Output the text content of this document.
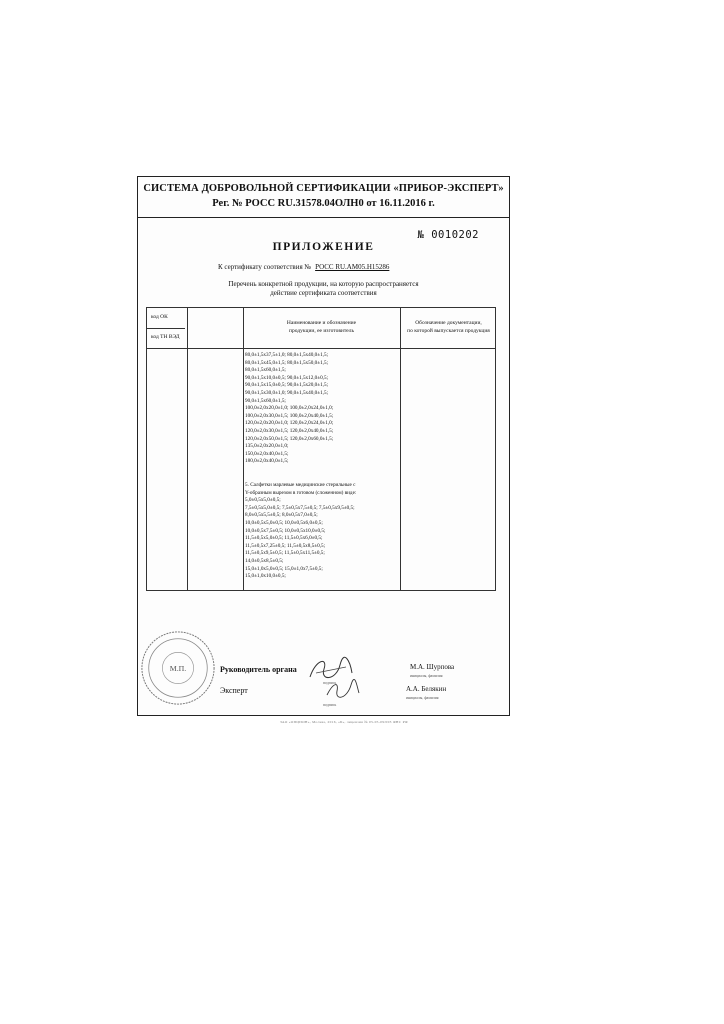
СИСТЕМА ДОБРОВОЛЬНОЙ СЕРТИФИКАЦИИ «ПРИБОР-ЭКСПЕРТ»
Рег. № РОСС RU.31578.04ОЛН0 от 16.11.2016 г.
№ 0010202
ПРИЛОЖЕНИЕ
К сертификату соответствия № РОСС RU.АМ05.Н15286
Перечень конкретной продукции, на которую распространяется
действие сертификата соответствия
код ОК
код ТН ВЭД
Наименование и обозначение
продукции, ее изготовитель
Обозначение документации,
по которой выпускается продукция
80,0±1,5х37,5±1,0; 80,0±1,5х40,0±1,5;
80,0±1,5х45,0±1,5; 80,0±1,5х50,0±1,5;
80,0±1,5х60,0±1,5;
90,0±1,5х10,0±0,5; 90,0±1,5х12,0±0,5;
90,0±1,5х15,0±0,5; 90,0±1,5х20,0±1,5;
90,0±1,5х30,0±1,0; 90,0±1,5х40,0±1,5;
90,0±1,5х60,0±1,5;
100,0±2,0х20,0±1,0; 100,0±2,0х24,0±1,0;
100,0±2,0х30,0±1,5; 100,0±2,0х40,0±1,5;
120,0±2,0х20,0±1,0; 120,0±2,0х24,0±1,0;
120,0±2,0х30,0±1,5; 120,0±2,0х40,0±1,5;
120,0±2,0х50,0±1,5; 120,0±2,0х60,0±1,5;
135,0±2,0х20,0±1,0;
150,0±2,0х40,0±1,5;
180,0±2,0х40,0±1,5;
5. Салфетки марлевые медицинские стерильные с
Y-образным вырезом в готовом (сложенном) виде:
5,0±0,5х5,0±0,5;
7,5±0,5х5,0±0,5; 7,5±0,5х7,5±0,5; 7,5±0,5х9,5±0,5;
8,0±0,5х5,5±0,5; 8,0±0,5х7,0±0,5;
10,0±0,5х5,0±0,5; 10,0±0,5х6,0±0,5;
10,0±0,5х7,5±0,5; 10,0±0,5х10,0±0,5;
11,5±0,5х5,0±0,5; 11,5±0,5х6,0±0,5;
11,5±0,5х7,25±0,5; 11,5±0,5х8,5±0,5;
11,5±0,5х9,5±0,5; 11,5±0,5х11,5±0,5;
14,0±0,5х8,5±0,5;
15,0±1,0х5,0±0,5; 15,0±1,0х7,5±0,5;
15,0±1,0х10,0±0,5;
М.П.	Руководитель органа
Эксперт
подпись
подпись
М.А. Шурпова
инициалы, фамилия
А.А. Белякин
инициалы, фамилия
ЗАО «ОПЦИОН», Москва, 2016, «Б», лицензия № 05-05-09/003 ФНС РФ
